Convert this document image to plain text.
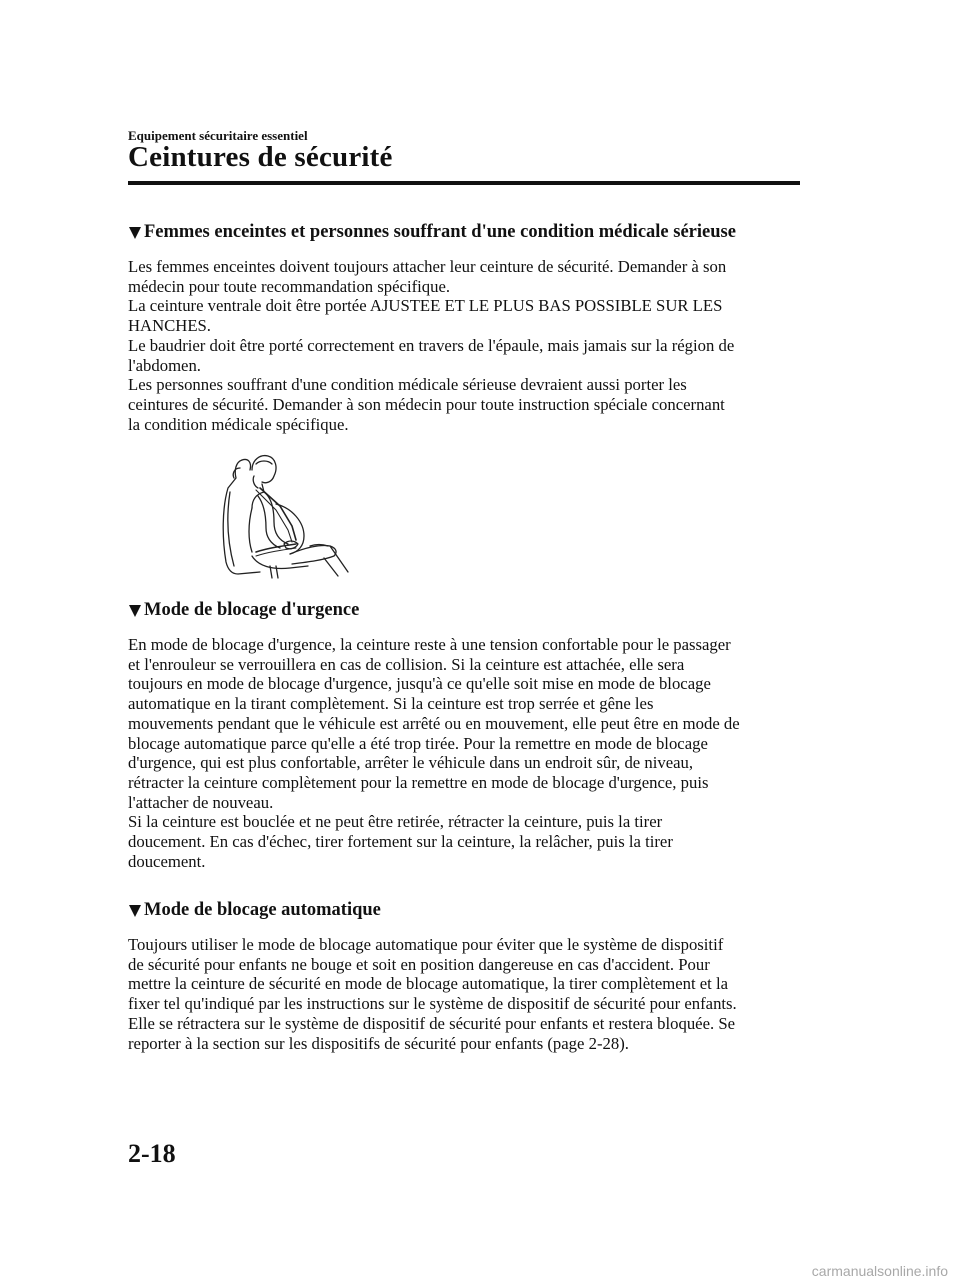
Equipement sécuritaire essentiel
Ceintures de sécurité
Femmes enceintes et personnes souffrant d'une condition médicale sérieuse
Les femmes enceintes doivent toujours attacher leur ceinture de sécurité. Demander à son
médecin pour toute recommandation spécifique.
La ceinture ventrale doit être portée AJUSTEE ET LE PLUS BAS POSSIBLE SUR LES
HANCHES.
Le baudrier doit être porté correctement en travers de l'épaule, mais jamais sur la région de
l'abdomen.
Les personnes souffrant d'une condition médicale sérieuse devraient aussi porter les
ceintures de sécurité. Demander à son médecin pour toute instruction spéciale concernant
la condition médicale spécifique.
Mode de blocage d'urgence
En mode de blocage d'urgence, la ceinture reste à une tension confortable pour le passager
et l'enrouleur se verrouillera en cas de collision. Si la ceinture est attachée, elle sera
toujours en mode de blocage d'urgence, jusqu'à ce qu'elle soit mise en mode de blocage
automatique en la tirant complètement. Si la ceinture est trop serrée et gêne les
mouvements pendant que le véhicule est arrêté ou en mouvement, elle peut être en mode de
blocage automatique parce qu'elle a été trop tirée. Pour la remettre en mode de blocage
d'urgence, qui est plus confortable, arrêter le véhicule dans un endroit sûr, de niveau,
rétracter la ceinture complètement pour la remettre en mode de blocage d'urgence, puis
l'attacher de nouveau.
Si la ceinture est bouclée et ne peut être retirée, rétracter la ceinture, puis la tirer
doucement. En cas d'échec, tirer fortement sur la ceinture, la relâcher, puis la tirer
doucement.
Mode de blocage automatique
Toujours utiliser le mode de blocage automatique pour éviter que le système de dispositif
de sécurité pour enfants ne bouge et soit en position dangereuse en cas d'accident. Pour
mettre la ceinture de sécurité en mode de blocage automatique, la tirer complètement et la
fixer tel qu'indiqué par les instructions sur le système de dispositif de sécurité pour enfants.
Elle se rétractera sur le système de dispositif de sécurité pour enfants et restera bloquée. Se
reporter à la section sur les dispositifs de sécurité pour enfants (page 2-28).
2-18
carmanualsonline.info
